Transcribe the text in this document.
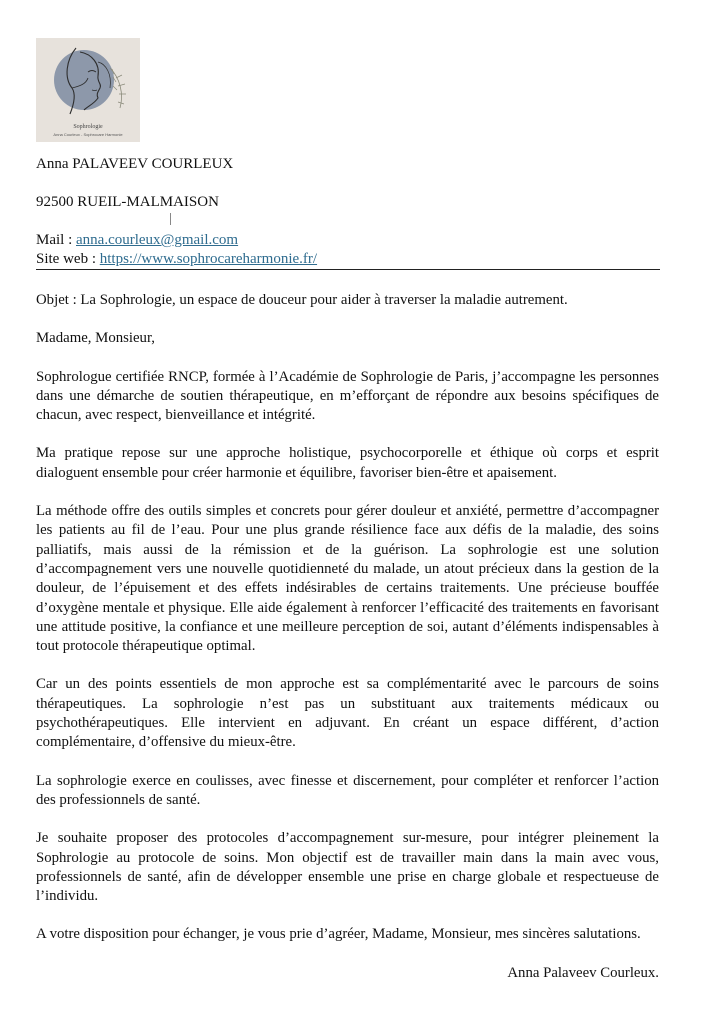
Sophrologie
Anna Courleux - Sophrocare Harmonie
Anna PALAVEEV COURLEUX
92500 RUEIL-MALMAISON
Mail : anna.courleux@gmail.com
Site web : https://www.sophrocareharmonie.fr/

Objet : La Sophrologie, un espace de douceur pour aider à traverser la maladie autrement.

Madame, Monsieur,

Sophrologue certifiée RNCP, formée à l’Académie de Sophrologie de Paris, j’accompagne les personnes dans une démarche de soutien thérapeutique, en m’efforçant de répondre aux besoins spécifiques de chacun, avec respect, bienveillance et intégrité.

Ma pratique repose sur une approche holistique, psychocorporelle et éthique où corps et esprit dialoguent ensemble pour créer harmonie et équilibre, favoriser bien-être et apaisement.

La méthode offre des outils simples et concrets pour gérer douleur et anxiété, permettre d’accompagner les patients au fil de l’eau. Pour une plus grande résilience face aux défis de la maladie, des soins palliatifs, mais aussi de la rémission et de la guérison. La sophrologie est une solution d’accompagnement vers une nouvelle quotidienneté du malade, un atout précieux dans la gestion de la douleur, de l’épuisement et des effets indésirables de certains traitements. Une précieuse bouffée d’oxygène mentale et physique. Elle aide également à renforcer l’efficacité des traitements en favorisant une attitude positive, la confiance et une meilleure perception de soi, autant d’éléments indispensables à tout protocole thérapeutique optimal.

Car un des points essentiels de mon approche est sa complémentarité avec le parcours de soins thérapeutiques. La sophrologie n’est pas un substituant aux traitements médicaux ou psychothérapeutiques. Elle intervient en adjuvant. En créant un espace différent, d’action complémentaire, d’offensive du mieux-être.

La sophrologie exerce en coulisses, avec finesse et discernement, pour compléter et renforcer l’action des professionnels de santé.

Je souhaite proposer des protocoles d’accompagnement sur-mesure, pour intégrer pleinement la Sophrologie au protocole de soins. Mon objectif est de travailler main dans la main avec vous, professionnels de santé, afin de développer ensemble une prise en charge globale et respectueuse de l’individu.

A votre disposition pour échanger, je vous prie d’agréer, Madame, Monsieur, mes sincères salutations.

Anna Palaveev Courleux.
